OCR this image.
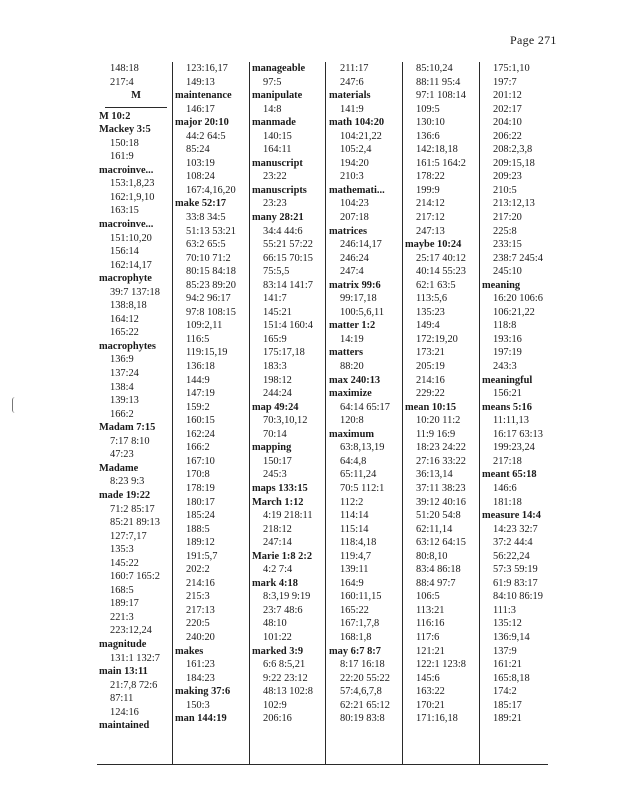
Page 271
148:18
217:4
M
M 10:2
Mackey 3:5
150:18
161:9
macroinve...
153:1,8,23
162:1,9,10
163:15
macroinve...
151:10,20
156:14
162:14,17
macrophyte
39:7 137:18
138:8,18
164:12
165:22
macrophytes
136:9
137:24
138:4
139:13
166:2
Madam 7:15
7:17 8:10
47:23
Madame
8:23 9:3
made 19:22
71:2 85:17
85:21 89:13
127:7,17
135:3
145:22
160:7 165:2
168:5
189:17
221:3
223:12,24
magnitude
131:1 132:7
main 13:11
21:7,8 72:6
87:11
124:16
maintained
123:16,17
149:13
maintenance
146:17
major 20:10
44:2 64:5
85:24
103:19
108:24
167:4,16,20
make 52:17
33:8 34:5
51:13 53:21
63:2 65:5
70:10 71:2
80:15 84:18
85:23 89:20
94:2 96:17
97:8 108:15
109:2,11
116:5
119:15,19
136:18
144:9
147:19
159:2
160:15
162:24
166:2
167:10
170:8
178:19
180:17
185:24
188:5
189:12
191:5,7
202:2
214:16
215:3
217:13
220:5
240:20
makes
161:23
184:23
making 37:6
150:3
man 144:19
manageable
97:5
manipulate
14:8
manmade
140:15
164:11
manuscript
23:22
manuscripts
23:23
many 28:21
34:4 44:6
55:21 57:22
66:15 70:15
75:5,5
83:14 141:7
141:7
145:21
151:4 160:4
165:9
175:17,18
183:3
198:12
244:24
map 49:24
70:3,10,12
70:14
mapping
150:17
245:3
maps 133:15
March 1:12
4:19 218:11
218:12
247:14
Marie 1:8 2:2
4:2 7:4
mark 4:18
8:3,19 9:19
23:7 48:6
48:10
101:22
marked 3:9
6:6 8:5,21
9:22 23:12
48:13 102:8
102:9
206:16
211:17
247:6
materials
141:9
math 104:20
104:21,22
105:2,4
194:20
210:3
mathemati...
104:23
207:18
matrices
246:14,17
246:24
247:4
matrix 99:6
99:17,18
100:5,6,11
matter 1:2
14:19
matters
88:20
max 240:13
maximize
64:14 65:17
120:8
maximum
63:8,13,19
64:4,8
65:11,24
70:5 112:1
112:2
114:14
115:14
118:4,18
119:4,7
139:11
164:9
160:11,15
165:22
167:1,7,8
168:1,8
may 6:7 8:7
8:17 16:18
22:20 55:22
57:4,6,7,8
62:21 65:12
80:19 83:8
85:10,24
88:11 95:4
97:1 108:14
109:5
130:10
136:6
142:18,18
161:5 164:2
178:22
199:9
214:12
217:12
247:13
maybe 10:24
25:17 40:12
40:14 55:23
62:1 63:5
113:5,6
135:23
149:4
172:19,20
173:21
205:19
214:16
229:22
mean 10:15
10:20 11:2
11:9 16:9
18:23 24:22
27:16 33:22
36:13,14
37:11 38:23
39:12 40:16
51:20 54:8
62:11,14
63:12 64:15
80:8,10
83:4 86:18
88:4 97:7
106:5
113:21
116:16
117:6
121:21
122:1 123:8
145:6
163:22
170:21
171:16,18
175:1,10
197:7
201:12
202:17
204:10
206:22
208:2,3,8
209:15,18
209:23
210:5
213:12,13
217:20
225:8
233:15
238:7 245:4
245:10
meaning
16:20 106:6
106:21,22
118:8
193:16
197:19
243:3
meaningful
156:21
means 5:16
11:11,13
16:17 63:13
199:23,24
217:18
meant 65:18
146:6
181:18
measure 14:4
14:23 32:7
37:2 44:4
56:22,24
57:3 59:19
61:9 83:17
84:10 86:19
111:3
135:12
136:9,14
137:9
161:21
165:8,18
174:2
185:17
189:21
